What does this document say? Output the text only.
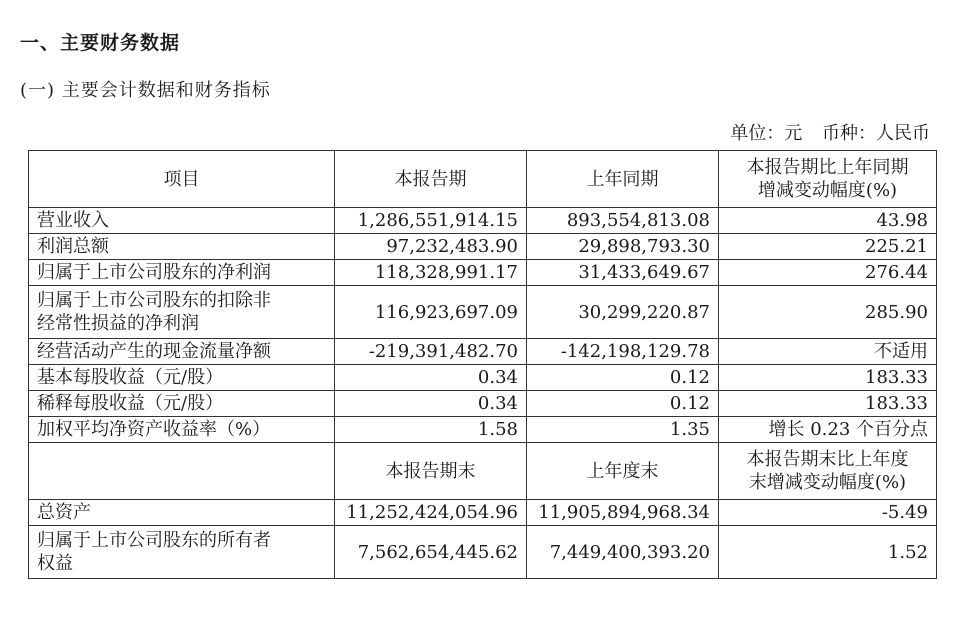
一、主要财务数据
(一) 主要会计数据和财务指标
单位：元 币种：人民币
项目	本报告期	上年同期	本报告期比上年同期
增减变动幅度(%)

营业收入	1,286,551,914.15	893,554,813.08	43.98
利润总额	97,232,483.90	29,898,793.30	225.21
归属于上市公司股东的净利润	118,328,991.17	31,433,649.67	276.44

归属于上市公司股东的扣除非
经常性损益的净利润	116,923,697.09	30,299,220.87	285.90
经营活动产生的现金流量净额	-219,391,482.70	-142,198,129.78	不适用
基本每股收益（元/股）	0.34	0.12	183.33
稀释每股收益（元/股）	0.34	0.12	183.33
加权平均净资产收益率（%）	1.58	1.35	增长 0.23 个百分点
	本报告期末	上年度末	本报告期末比上年度
末增减变动幅度(%)

总资产	11,252,424,054.96	11,905,894,968.34	-5.49

归属于上市公司股东的所有者
权益	7,562,654,445.62	7,449,400,393.20	1.52
